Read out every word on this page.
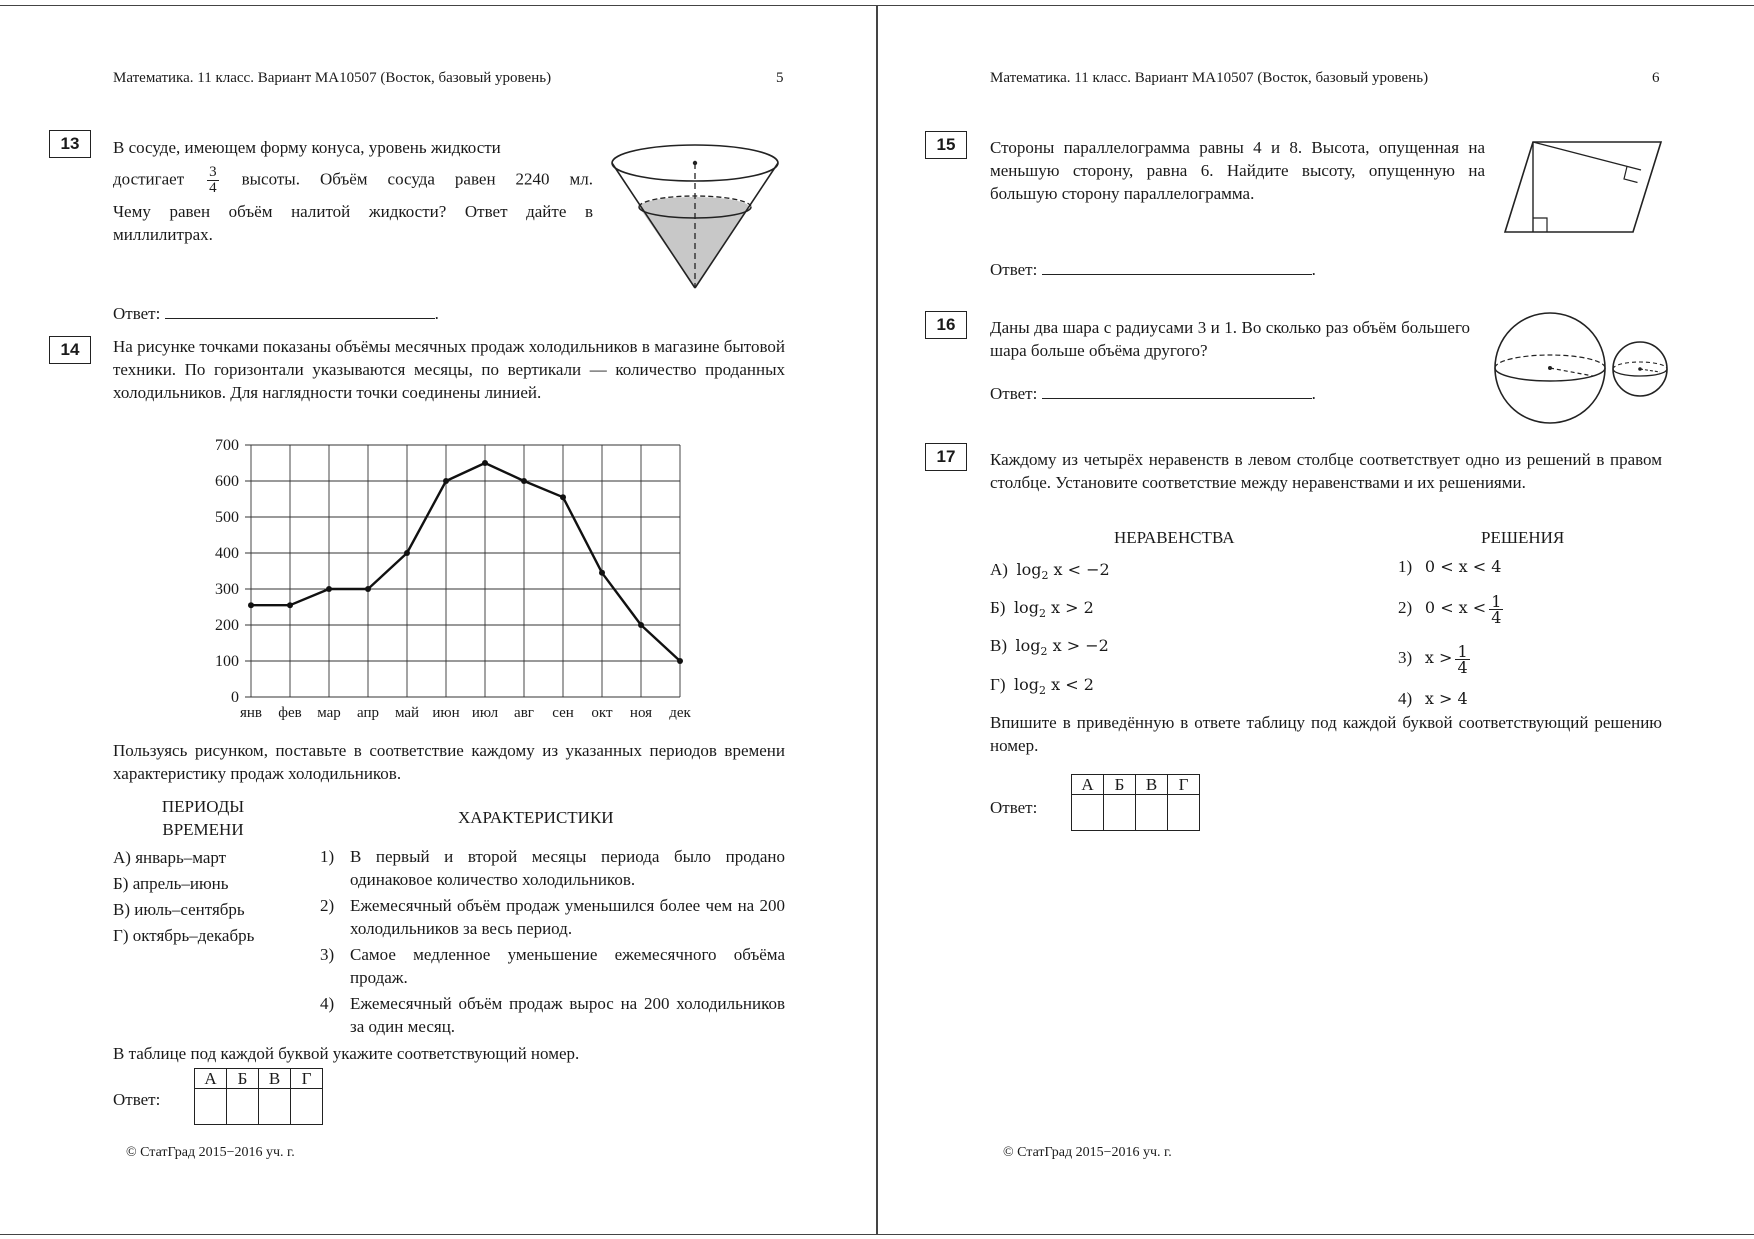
Математика. 11 класс. Вариант МА10507 (Восток, базовый уровень)	5
13	В сосуде, имеющем форму конуса, уровень жидкости
достигает $\frac{3}{4}$ высоты. Объём сосуда равен 2240 мл.
Чему равен объём налитой жидкости? Ответ дайте в миллилитрах.
Ответ:	.
14	На рисунке точками показаны объёмы месячных продаж холодильников в магазине бытовой техники. По горизонтали указываются месяцы, по вертикали — количество проданных холодильников. Для наглядности точки соединены линией.
0
100
200
300
400
500
600
700
янв фев мар апр май июн июл авг сен окт ноя дек
Пользуясь рисунком, поставьте в соответствие каждому из указанных периодов времени характеристику продаж холодильников.
ПЕРИОДЫ
ВРЕМЕНИ
ХАРАКТЕРИСТИКИ
А) январь–март
Б) апрель–июнь
В) июль–сентябрь
Г) октябрь–декабрь
1) В первый и второй месяцы периода было продано одинаковое количество холодильников.
2) Ежемесячный объём продаж уменьшился более чем на 200 холодильников за весь период.
3) Самое медленное уменьшение ежемесячного объёма продаж.
4) Ежемесячный объём продаж вырос на 200 холодильников за один месяц.
В таблице под каждой буквой укажите соответствующий номер.
Ответ:
А	Б	В	Г

© СтатГрад 2015−2016 уч. г.
Математика. 11 класс. Вариант МА10507 (Восток, базовый уровень)	6
15	Стороны параллелограмма равны 4 и 8. Высота, опущенная на меньшую сторону, равна 6. Найдите высоту, опущенную на большую сторону параллелограмма.
Ответ:	.
16	Даны два шара с радиусами 3 и 1. Во сколько раз объём большего шара больше объёма другого?
Ответ:	.
17	Каждому из четырёх неравенств в левом столбце соответствует одно из решений в правом столбце. Установите соответствие между неравенствами и их решениями.
НЕРАВЕНСТВА	РЕШЕНИЯ
А) $\log_2 x < -2$
Б) $\log_2 x > 2$
В) $\log_2 x > -2$
Г) $\log_2 x < 2$
1) 0 < x < 4
2) $0 < x < \frac{1}{4}$
3) $x > \frac{1}{4}$
4) x > 4
Впишите в приведённую в ответе таблицу под каждой буквой соответствующий решению номер.
Ответ:
А	Б	В	Г

© СтатГрад 2015−2016 уч. г.
